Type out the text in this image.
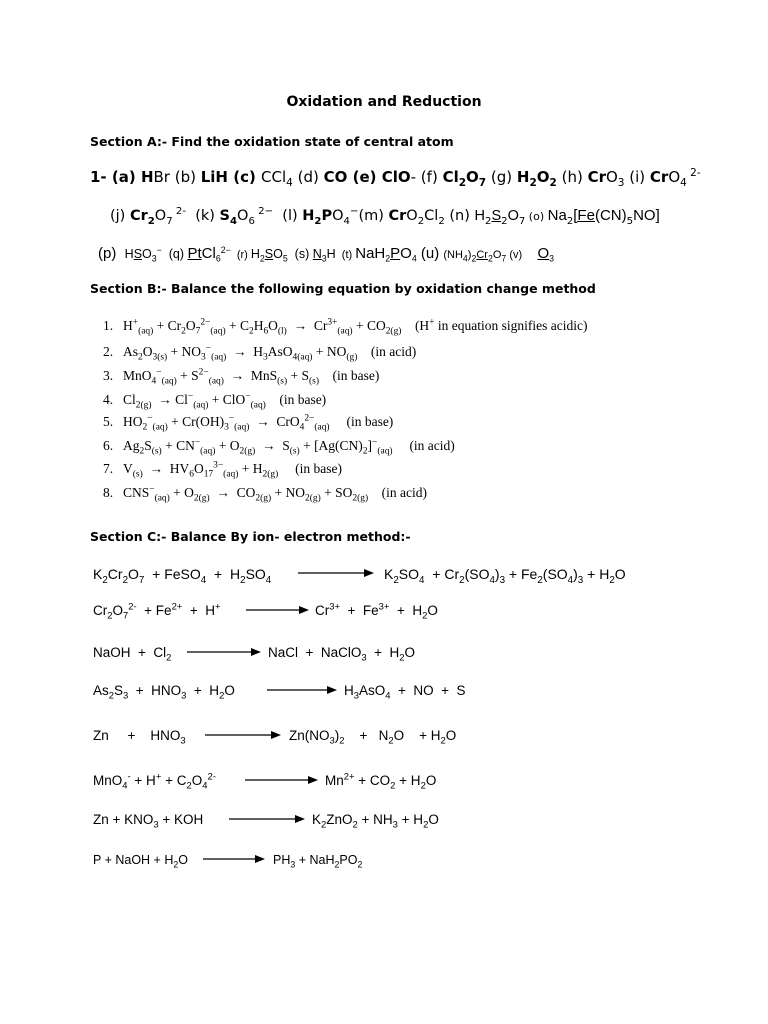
Oxidation and Reduction
Section A:- Find the oxidation state of central atom
1- (a) HBr (b) LiH (c) CCl$_4$ (d) CO (e) ClO- (f) $Cl_2O_7$ (g) $H_2O_2$ (h) CrO$_3$ (i) CrO$_4$ $^{2-}$
(j) $Cr_2O_7$ $^{2-}$  (k) $S_4O_6$ $^{2-}$  (l) $H_2PO_4^-(m)$ $CrO_2Cl_2$ (n) $H_2S_2O_7$ (o) $Na_2[Fe(CN)_5NO]$
(p)  $HSO_3^-$  (q) PtCl$_6^{2-}$  (r) $H_2SO_5$  (s) $N_3H$  (t) $NaH_2PO_4$ (u) $(NH_4)_2Cr_2O_7$ (v)     $O_3$
Section B:- Balance the following equation by oxidation change method
1. $H^+_{(aq)} + Cr_2O_7^{2-}_{(aq)} + C_2H_6O_{(l)} \to Cr^{3+}_{(aq)} + CO_{2(g)}$    (H+ in equation signifies acidic)
2. $As_2O_{3(s)} + NO_3^-_{(aq)} \to H_3AsO_{4(aq)} + NO_{(g)}$    (in acid)
3. $MnO_4^-_{(aq)} + S^{2-}_{(aq)} \to MnS_{(s)} + S_{(s)}$    (in base)
4. $Cl_{2(g)} \to Cl^-_{(aq)} + ClO^-_{(aq)}$    (in base)
5. $HO_2^-_{(aq)} + Cr(OH)_3^-_{(aq)} \to CrO_4^{2-}_{(aq)}$     (in base)
6. $Ag_2S_{(s)} + CN^-_{(aq)} + O_{2(g)} \to S_{(s)} + [Ag(CN)_2]^-_{(aq)}$     (in acid)
7. $V_{(s)} \to HV_6O_{17}^{3-}_{(aq)} + H_{2(g)}$     (in base)
8. $CNS^-_{(aq)} + O_{2(g)} \to CO_{2(g)} + NO_{2(g)} + SO_{2(g)}$    (in acid)
Section C:- Balance By ion- electron method:-
$K_2Cr_2O_7$  + FeSO$_4$  +  $H_2SO_4$	$K_2SO_4 + Cr_2(SO_4)_3 + Fe_2(SO_4)_3 + H_2O$
$Cr_2O_7^{2-} + Fe^{2+} + H^+$	$Cr^{3+} + Fe^{3+} + H_2O$
NaOH  +  $Cl_2$	NaCl  +  NaClO$_3$  +  $H_2O$
$As_2S_3 + HNO_3 + H_2O$	$H_3AsO_4$  +  NO  +  S
Zn     +    $HNO_3$	$Zn(NO_3)_2$    +   $N_2O$    + $H_2O$
$MnO_4^- + H^+ + C_2O_4^{2-}$	$Mn^{2+} + CO_2 + H_2O$
$Zn + KNO_3$ + KOH	$K_2ZnO_2 + NH_3 + H_2O$
P + NaOH + $H_2O$	$PH_3 + NaH_2PO_2$
